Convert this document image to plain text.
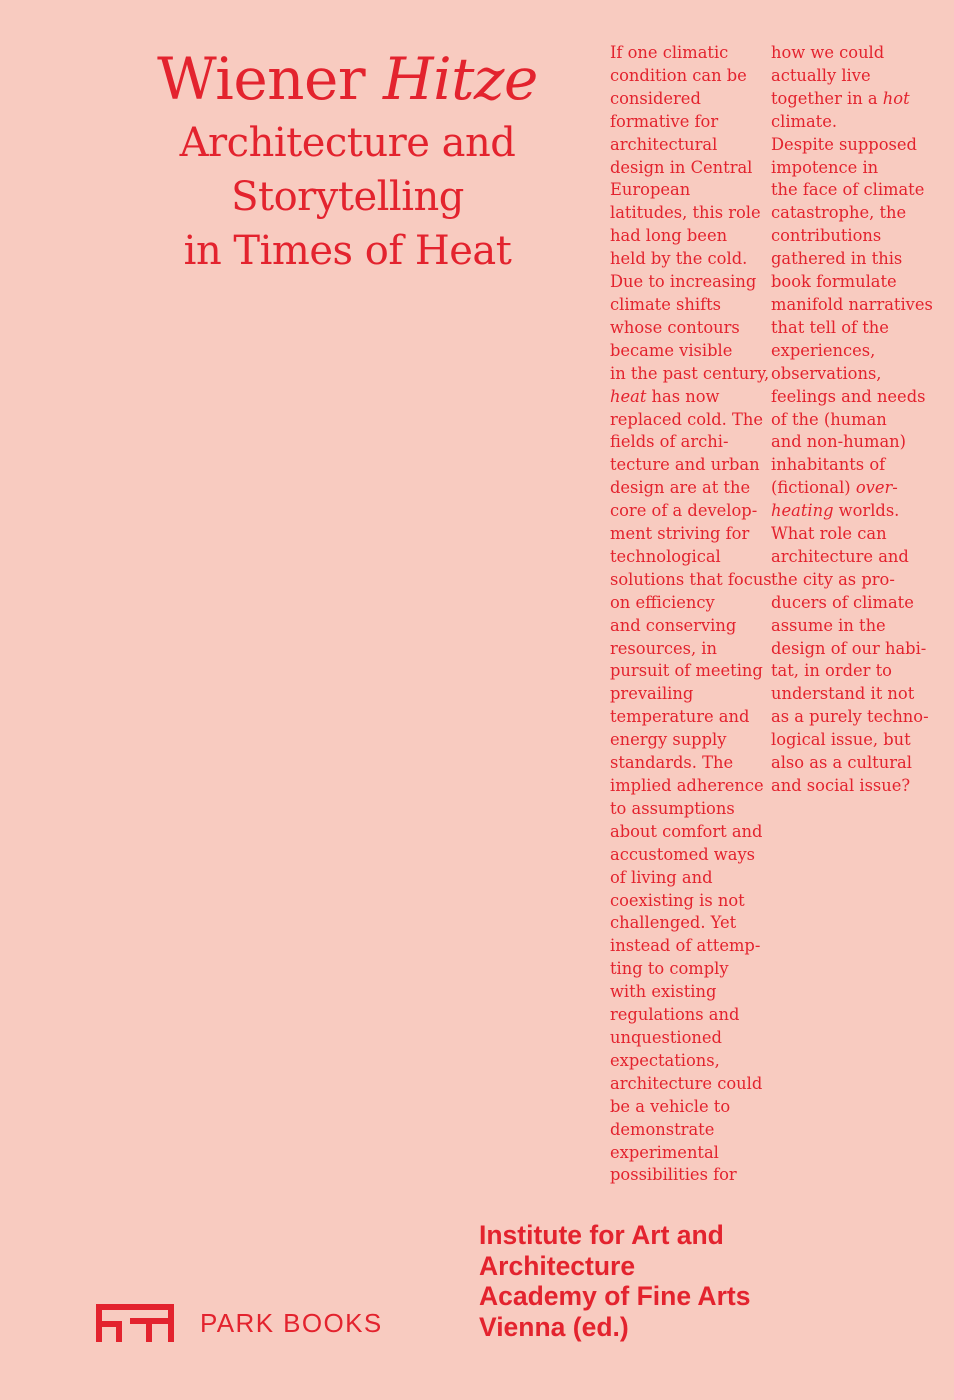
Wiener Hitze
Architecture and
Storytelling
in Times of Heat
If one climatic
condition can be
considered
formative for
architectural
design in Central
European
latitudes, this role
had long been
held by the cold.
Due to increasing
climate shifts
whose contours
became visible
in the past century,
heat has now
replaced cold. The
fields of archi-
tecture and urban
design are at the
core of a develop-
ment striving for
technological
solutions that focus
on efficiency
and conserving
resources, in
pursuit of meeting
prevailing
temperature and
energy supply
standards. The
implied adherence
to assumptions
about comfort and
accustomed ways
of living and
coexisting is not
challenged. Yet
instead of attemp-
ting to comply
with existing
regulations and
unquestioned
expectations,
architecture could
be a vehicle to
demonstrate
experimental
possibilities for
how we could
actually live
together in a hot
climate.
Despite supposed
impotence in
the face of climate
catastrophe, the
contributions
gathered in this
book formulate
manifold narratives
that tell of the
experiences,
observations,
feelings and needs
of the (human
and non-human)
inhabitants of
(fictional) over-
heating worlds.
What role can
architecture and
the city as pro-
ducers of climate
assume in the
design of our habi-
tat, in order to
understand it not
as a purely techno-
logical issue, but
also as a cultural
and social issue?
Institute for Art and
Architecture
Academy of Fine Arts
Vienna (ed.)
PARK BOOKS
